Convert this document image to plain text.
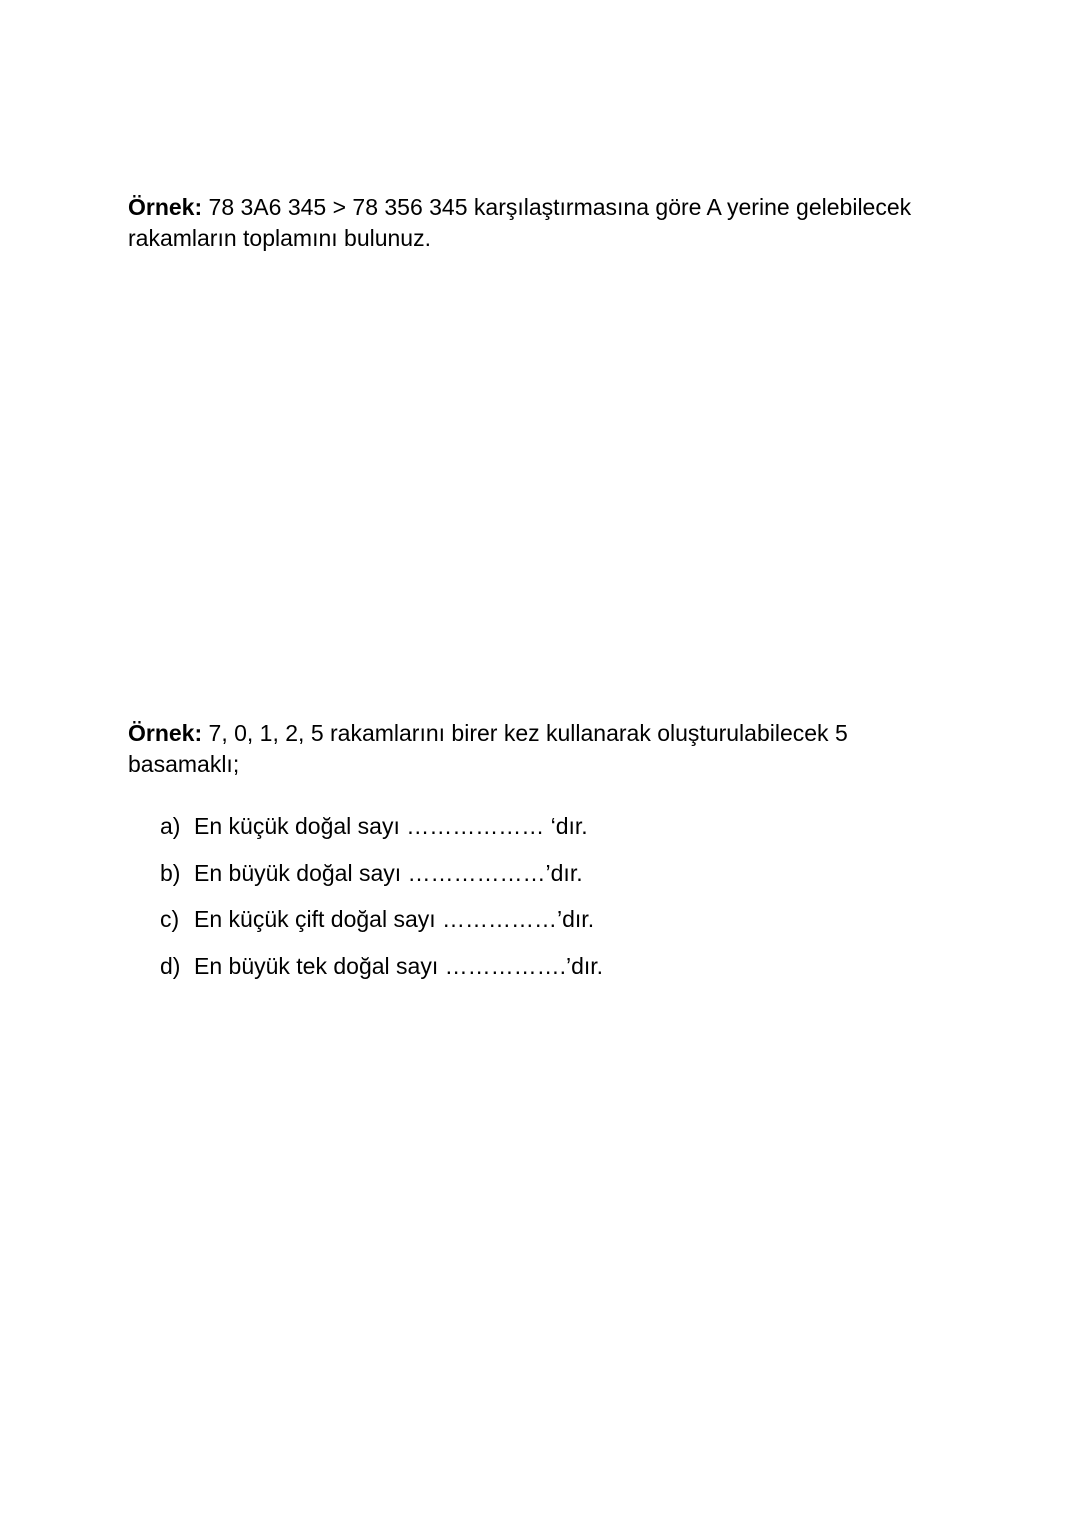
Örnek: 78 3A6 345 > 78 356 345 karşılaştırmasına göre A yerine gelebilecek rakamların toplamını bulunuz.
Örnek: 7, 0, 1, 2, 5 rakamlarını birer kez kullanarak oluşturulabilecek 5 basamaklı;
a) En küçük doğal sayı ……………… ‘dır.
b) En büyük doğal sayı ………………’dır.
c) En küçük çift doğal sayı ……………’dır.
d) En büyük tek doğal sayı …………….’dır.
